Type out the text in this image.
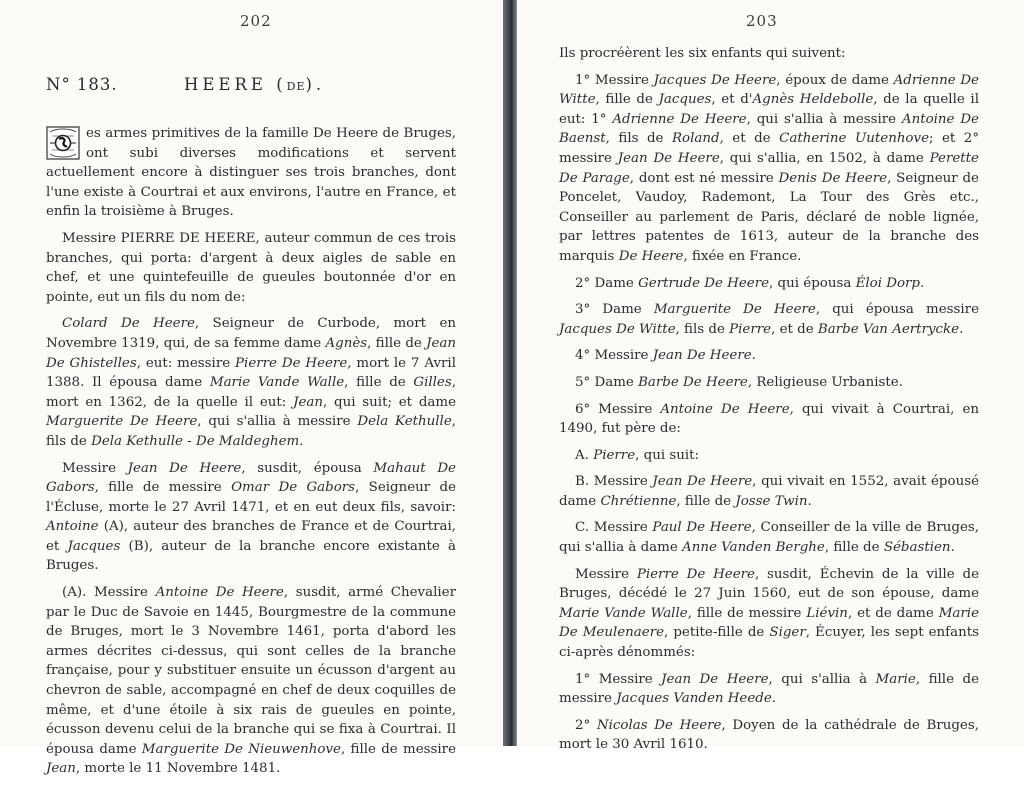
202
N° 183.	HEERE (DE).

es armes primitives de la famille De Heere de Bruges, ont subi diverses modifications et servent actuellement encore à distinguer ses trois branches, dont l'une existe à Courtrai et aux environs, l'autre en France, et enfin la troisième à Bruges.

Messire PIERRE DE HEERE, auteur commun de ces trois branches, qui porta: d'argent à deux aigles de sable en chef, et une quintefeuille de gueules boutonnée d'or en pointe, eut un fils du nom de:

Colard De Heere, Seigneur de Curbode, mort en Novembre 1319, qui, de sa femme dame Agnès, fille de Jean De Ghistelles, eut: messire Pierre De Heere, mort le 7 Avril 1388. Il épousa dame Marie Vande Walle, fille de Gilles, mort en 1362, de la quelle il eut: Jean, qui suit; et dame Marguerite De Heere, qui s'allia à messire Dela Kethulle, fils de Dela Kethulle - De Maldeghem.

Messire Jean De Heere, susdit, épousa Mahaut De Gabors, fille de messire Omar De Gabors, Seigneur de l'Écluse, morte le 27 Avril 1471, et en eut deux fils, savoir: Antoine (A), auteur des branches de France et de Courtrai, et Jacques (B), auteur de la branche encore existante à Bruges.

(A). Messire Antoine De Heere, susdit, armé Chevalier par le Duc de Savoie en 1445, Bourgmestre de la commune de Bruges, mort le 3 Novembre 1461, porta d'abord les armes décrites ci-dessus, qui sont celles de la branche française, pour y substituer ensuite un écusson d'argent au chevron de sable, accompagné en chef de deux coquilles de même, et d'une étoile à six rais de gueules en pointe, écusson devenu celui de la branche qui se fixa à Courtrai. Il épousa dame Marguerite De Nieuwenhove, fille de messire Jean, morte le 11 Novembre 1481.

203

Ils procréèrent les six enfants qui suivent:

1° Messire Jacques De Heere, époux de dame Adrienne De Witte, fille de Jacques, et d'Agnès Heldebolle, de la quelle il eut: 1° Adrienne De Heere, qui s'allia à messire Antoine De Baenst, fils de Roland, et de Catherine Uutenhove; et 2° messire Jean De Heere, qui s'allia, en 1502, à dame Perette De Parage, dont est né messire Denis De Heere, Seigneur de Poncelet, Vaudoy, Rademont, La Tour des Grès etc., Conseiller au parlement de Paris, déclaré de noble lignée, par lettres patentes de 1613, auteur de la branche des marquis De Heere, fixée en France.

2° Dame Gertrude De Heere, qui épousa Éloi Dorp.

3° Dame Marguerite De Heere, qui épousa messire Jacques De Witte, fils de Pierre, et de Barbe Van Aertrycke.

4° Messire Jean De Heere.

5° Dame Barbe De Heere, Religieuse Urbaniste.

6° Messire Antoine De Heere, qui vivait à Courtrai, en 1490, fut père de:

A. Pierre, qui suit:

B. Messire Jean De Heere, qui vivait en 1552, avait épousé dame Chrétienne, fille de Josse Twin.

C. Messire Paul De Heere, Conseiller de la ville de Bruges, qui s'allia à dame Anne Vanden Berghe, fille de Sébastien.

Messire Pierre De Heere, susdit, Échevin de la ville de Bruges, décédé le 27 Juin 1560, eut de son épouse, dame Marie Vande Walle, fille de messire Liévin, et de dame Marie De Meulenaere, petite-fille de Siger, Écuyer, les sept enfants ci-après dénommés:

1° Messire Jean De Heere, qui s'allia à Marie, fille de messire Jacques Vanden Heede.

2° Nicolas De Heere, Doyen de la cathédrale de Bruges, mort le 30 Avril 1610.
